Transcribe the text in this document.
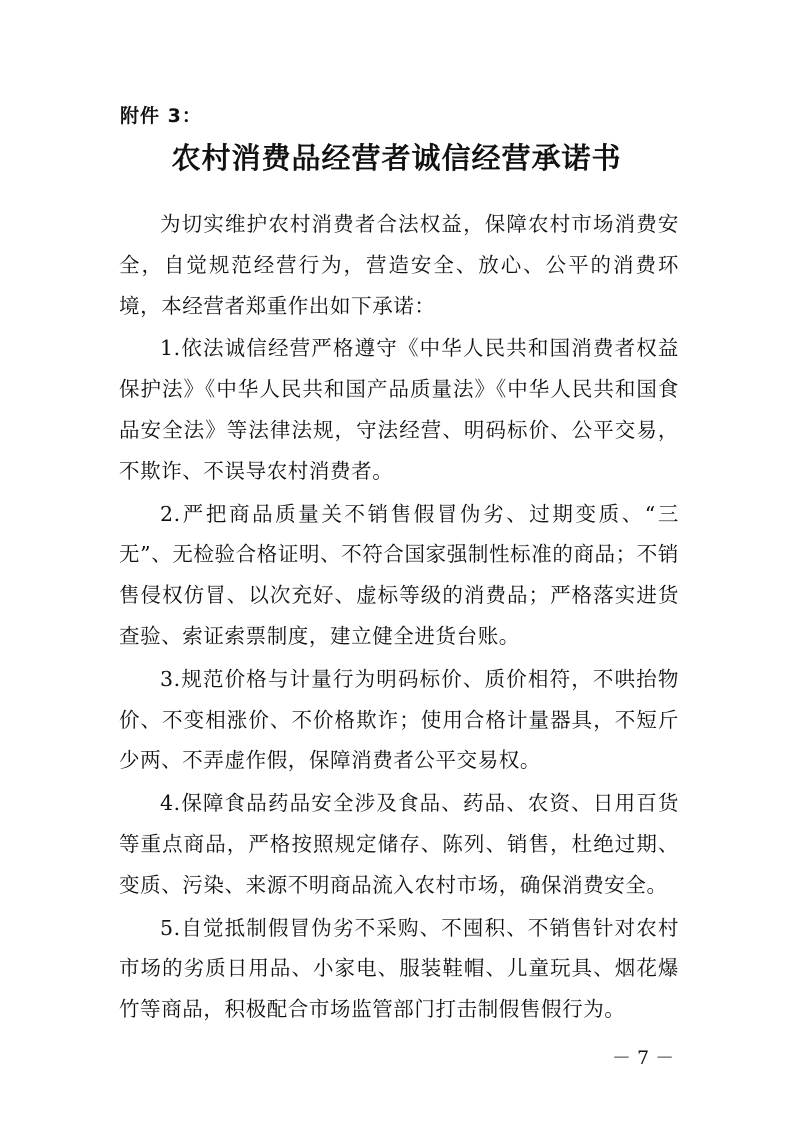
附件 3：
农村消费品经营者诚信经营承诺书

为切实维护农村消费者合法权益，保障农村市场消费安全，自觉规范经营行为，营造安全、放心、公平的消费环境，本经营者郑重作出如下承诺：

1.依法诚信经营严格遵守《中华人民共和国消费者权益保护法》《中华人民共和国产品质量法》《中华人民共和国食品安全法》等法律法规，守法经营、明码标价、公平交易，不欺诈、不误导农村消费者。

2.严把商品质量关不销售假冒伪劣、过期变质、“三无”、无检验合格证明、不符合国家强制性标准的商品；不销售侵权仿冒、以次充好、虚标等级的消费品；严格落实进货查验、索证索票制度，建立健全进货台账。

3.规范价格与计量行为明码标价、质价相符，不哄抬物价、不变相涨价、不价格欺诈；使用合格计量器具，不短斤少两、不弄虚作假，保障消费者公平交易权。

4.保障食品药品安全涉及食品、药品、农资、日用百货等重点商品，严格按照规定储存、陈列、销售，杜绝过期、变质、污染、来源不明商品流入农村市场，确保消费安全。

5.自觉抵制假冒伪劣不采购、不囤积、不销售针对农村市场的劣质日用品、小家电、服装鞋帽、儿童玩具、烟花爆竹等商品，积极配合市场监管部门打击制假售假行为。

－ 7 －
